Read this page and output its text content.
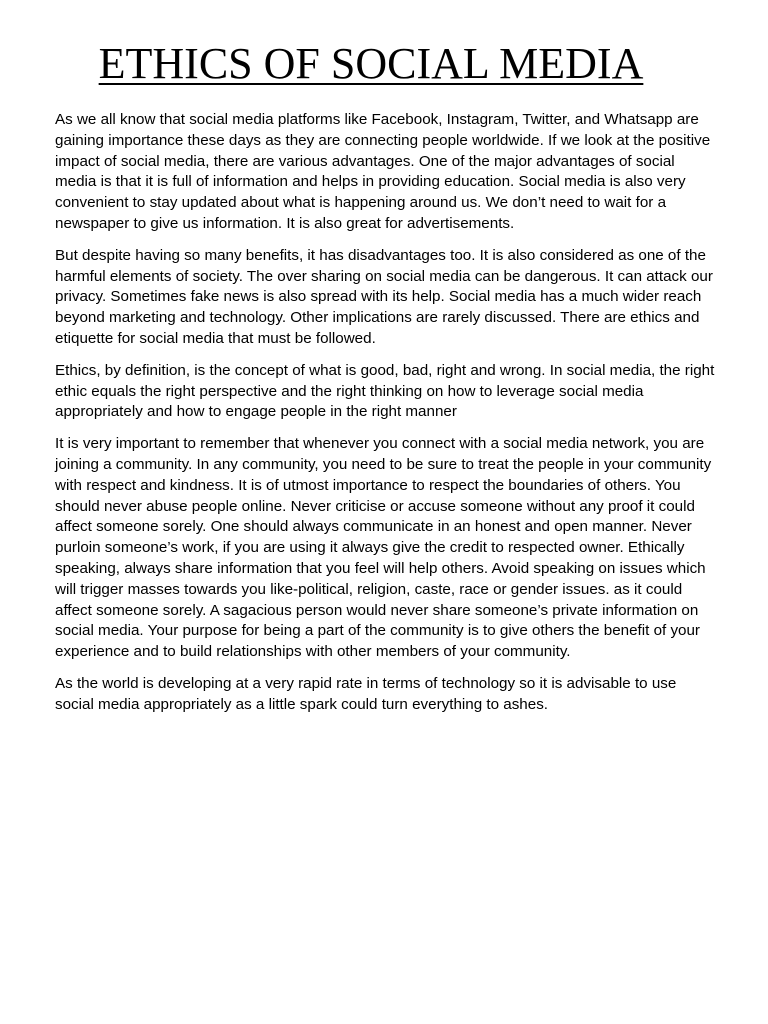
ETHICS OF SOCIAL MEDIA

As we all know that social media platforms like Facebook, Instagram, Twitter, and Whatsapp are gaining importance these days as they are connecting people worldwide. If we look at the positive impact of social media, there are various advantages. One of the major advantages of social media is that it is full of information and helps in providing education. Social media is also very convenient to stay updated about what is happening around us. We don’t need to wait for a newspaper to give us information. It is also great for advertisements.

But despite having so many benefits, it has disadvantages too. It is also considered as one of the harmful elements of society. The over sharing on social media can be dangerous. It can attack our privacy. Sometimes fake news is also spread with its help. Social media has a much wider reach beyond marketing and technology. Other implications are rarely discussed. There are ethics and etiquette for social media that must be followed.

Ethics, by definition, is the concept of what is good, bad, right and wrong. In social media, the right ethic equals the right perspective and the right thinking on how to leverage social media appropriately and how to engage people in the right manner

It is very important to remember that whenever you connect with a social media network, you are joining a community. In any community, you need to be sure to treat the people in your community with respect and kindness. It is of utmost importance to respect the boundaries of others. You should never abuse people online. Never criticise or accuse someone without any proof it could affect someone sorely. One should always communicate in an honest and open manner. Never purloin someone’s work, if you are using it always give the credit to respected owner. Ethically speaking, always share information that you feel will help others. Avoid speaking on issues which will trigger masses towards you like-political, religion, caste, race or gender issues. as it could affect someone sorely. A sagacious person would never share someone’s private information on social media. Your purpose for being a part of the community is to give others the benefit of your experience and to build relationships with other members of your community.

As the world is developing at a very rapid rate in terms of technology so it is advisable to use social media appropriately as a little spark could turn everything to ashes.
